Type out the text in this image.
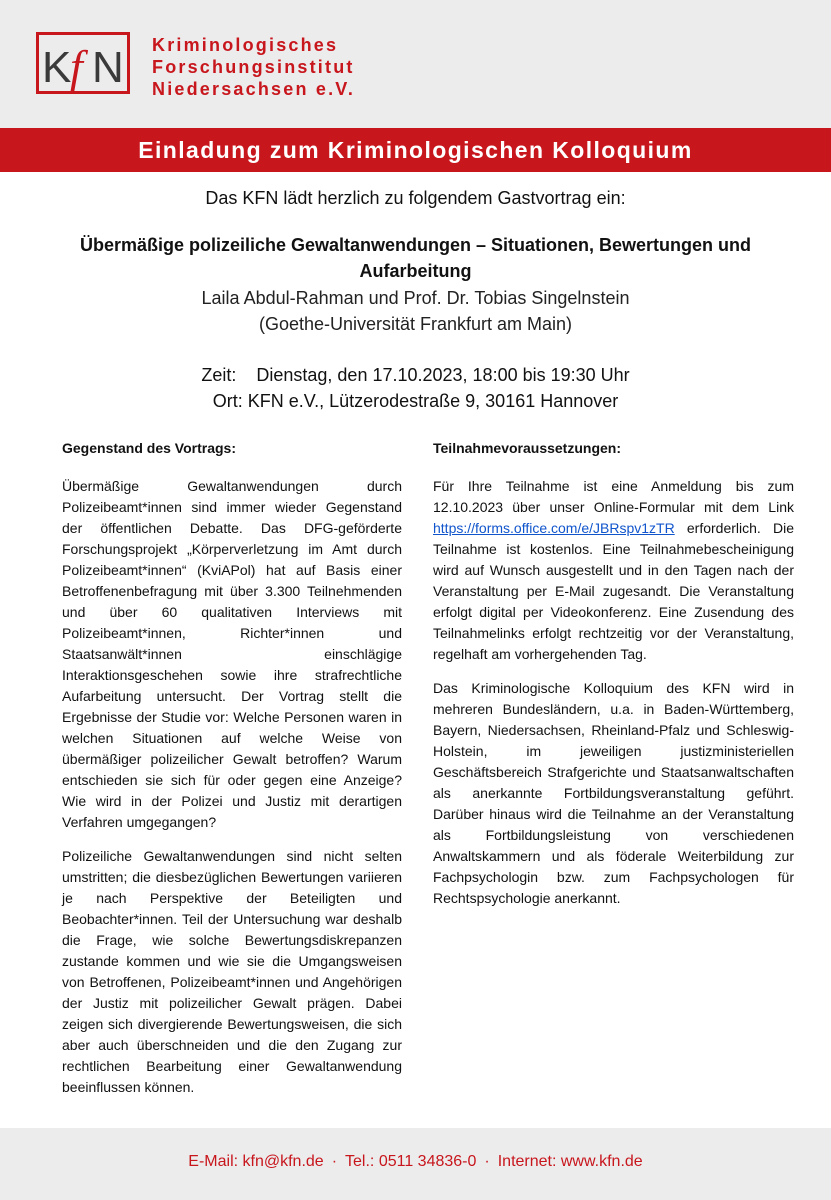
K
f N Kriminologisches
Forschungsinstitut
Niedersachsen e.V.
Einladung zum Kriminologischen Kolloquium
Das KFN lädt herzlich zu folgendem Gastvortrag ein:
Übermäßige polizeiliche Gewaltanwendungen – Situationen, Bewertungen und Aufarbeitung
Laila Abdul-Rahman und Prof. Dr. Tobias Singelnstein
(Goethe-Universität Frankfurt am Main)
Zeit: Dienstag, den 17.10.2023, 18:00 bis 19:30 Uhr
Ort: KFN e.V., Lützerodestraße 9, 30161 Hannover
Gegenstand des Vortrags:

Übermäßige Gewaltanwendungen durch Polizeibeamt*innen sind immer wieder Gegenstand der öffentlichen Debatte. Das DFG-geförderte Forschungsprojekt „Körperverletzung im Amt durch Polizeibeamt*innen“ (KviAPol) hat auf Basis einer Betroffenenbefragung mit über 3.300 Teilnehmenden und über 60 qualitativen Interviews mit Polizeibeamt*innen, Richter*innen und Staatsanwält*innen einschlägige Interaktionsgeschehen sowie ihre strafrechtliche Aufarbeitung untersucht. Der Vortrag stellt die Ergebnisse der Studie vor: Welche Personen waren in welchen Situationen auf welche Weise von übermäßiger polizeilicher Gewalt betroffen? Warum entschieden sie sich für oder gegen eine Anzeige? Wie wird in der Polizei und Justiz mit derartigen Verfahren umgegangen?

Polizeiliche Gewaltanwendungen sind nicht selten umstritten; die diesbezüglichen Bewertungen variieren je nach Perspektive der Beteiligten und Beobachter*innen. Teil der Untersuchung war deshalb die Frage, wie solche Bewertungsdiskrepanzen zustande kommen und wie sie die Umgangsweisen von Betroffenen, Polizeibeamt*innen und Angehörigen der Justiz mit polizeilicher Gewalt prägen. Dabei zeigen sich divergierende Bewertungsweisen, die sich aber auch überschneiden und die den Zugang zur rechtlichen Bearbeitung einer Gewaltanwendung beeinflussen können.

Teilnahmevoraussetzungen:

Für Ihre Teilnahme ist eine Anmeldung bis zum 12.10.2023 über unser Online-Formular mit dem Link https://forms.office.com/e/JBRspv1zTR erforderlich. Die Teilnahme ist kostenlos. Eine Teilnahmebescheinigung wird auf Wunsch ausgestellt und in den Tagen nach der Veranstaltung per E-Mail zugesandt. Die Veranstaltung erfolgt digital per Videokonferenz. Eine Zusendung des Teilnahmelinks erfolgt rechtzeitig vor der Veranstaltung, regelhaft am vorhergehenden Tag.

Das Kriminologische Kolloquium des KFN wird in mehreren Bundesländern, u.a. in Baden-Württemberg, Bayern, Niedersachsen, Rheinland-Pfalz und Schleswig-Holstein, im jeweiligen justizministeriellen Geschäftsbereich Strafgerichte und Staatsanwaltschaften als anerkannte Fortbildungsveranstaltung geführt. Darüber hinaus wird die Teilnahme an der Veranstaltung als Fortbildungsleistung von verschiedenen Anwaltskammern und als föderale Weiterbildung zur Fachpsychologin bzw. zum Fachpsychologen für Rechtspsychologie anerkannt.

E-Mail: kfn@kfn.de · Tel.: 0511 34836-0 · Internet: www.kfn.de
